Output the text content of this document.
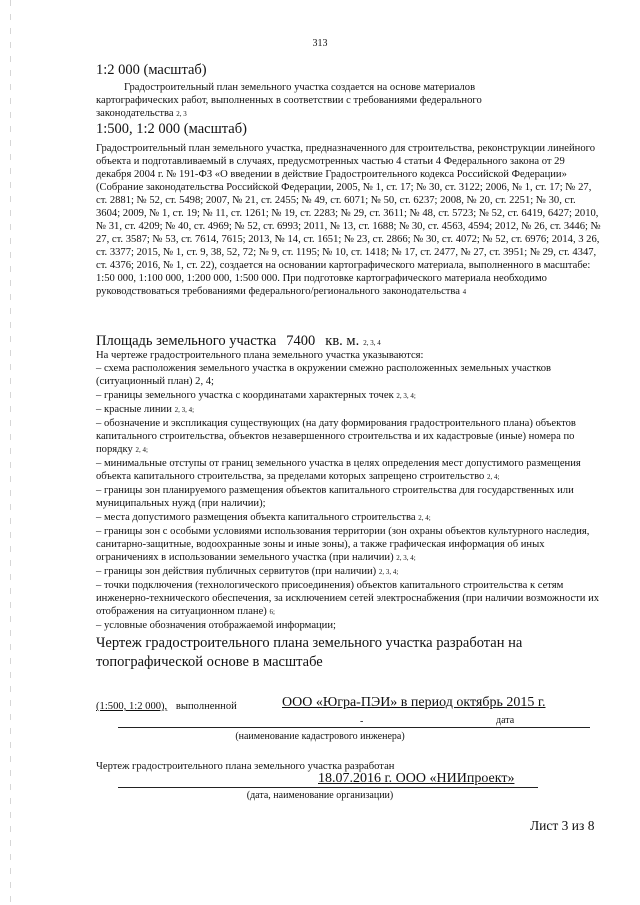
313
1:2 000 (масштаб)
Градостроительный план земельного участка создается на основе материалов картографических работ, выполненных в соответствии с требованиями федерального законодательства 2, 3
1:500, 1:2 000 (масштаб)
Градостроительный план земельного участка, предназначенного для строительства, реконструкции линейного объекта и подготавливаемый в случаях, предусмотренных частью 4 статьи 4 Федерального закона от 29 декабря 2004 г. № 191-ФЗ «О введении в действие Градостроительного кодекса Российской Федерации» (Собрание законодательства Российской Федерации, 2005, № 1, ст. 17; № 30, ст. 3122; 2006, № 1, ст. 17; № 27, ст. 2881; № 52, ст. 5498; 2007, № 21, ст. 2455; № 49, ст. 6071; № 50, ст. 6237; 2008, № 20, ст. 2251; № 30, ст. 3604; 2009, № 1, ст. 19; № 11, ст. 1261; № 19, ст. 2283; № 29, ст. 3611; № 48, ст. 5723; № 52, ст. 6419, 6427; 2010, № 31, ст. 4209; № 40, ст. 4969; № 52, ст. 6993; 2011, № 13, ст. 1688; № 30, ст. 4563, 4594; 2012, № 26, ст. 3446; № 27, ст. 3587; № 53, ст. 7614, 7615; 2013, № 14, ст. 1651; № 23, ст. 2866; № 30, ст. 4072; № 52, ст. 6976; 2014, 3 26, ст. 3377; 2015, № 1, ст. 9, 38, 52, 72; № 9, ст. 1195; № 10, ст. 1418; № 17, ст. 2477, № 27, ст. 3951; № 29, ст. 4347, ст. 4376; 2016, № 1, ст. 22), создается на основании картографического материала, выполненного в масштабе: 1:50 000, 1:100 000, 1:200 000, 1:500 000. При подготовке картографического материала необходимо руководствоваться требованиями федерального/регионального законодательства 4
Площадь земельного участка 7400 кв. м. 2, 3, 4
На чертеже градостроительного плана земельного участка указываются:
– схема расположения земельного участка в окружении смежно расположенных земельных участков (ситуационный план) 2, 4;
– границы земельного участка с координатами характерных точек 2, 3, 4;
– красные линии 2, 3, 4;
– обозначение и экспликация существующих (на дату формирования градостроительного плана) объектов капитального строительства, объектов незавершенного строительства и их кадастровые (иные) номера по порядку 2, 4;
– минимальные отступы от границ земельного участка в целях определения мест допустимого размещения объекта капитального строительства, за пределами которых запрещено строительство 2, 4;
– границы зон планируемого размещения объектов капитального строительства для государственных или муниципальных нужд (при наличии);
– места допустимого размещения объекта капитального строительства 2, 4;
– границы зон с особыми условиями использования территории (зон охраны объектов культурного наследия, санитарно-защитные, водоохранные зоны и иные зоны), а также графическая информация об иных ограничениях в использовании земельного участка (при наличии) 2, 3, 4;
– границы зон действия публичных сервитутов (при наличии) 2, 3, 4;
– точки подключения (технологического присоединения) объектов капитального строительства к сетям инженерно-технического обеспечения, за исключением сетей электроснабжения (при наличии возможности их отображения на ситуационном плане) 6;
– условные обозначения отображаемой информации;
Чертеж градостроительного плана земельного участка разработан на топографической основе в масштабе
(1:500, 1:2 000), выполненной	ООО «Югра-ПЭИ» в период октябрь 2015 г.
дата
-
(наименование кадастрового инженера)
Чертеж градостроительного плана земельного участка разработан
18.07.2016 г. ООО «НИИпроект»
(дата, наименование организации)
Лист 3 из 8
